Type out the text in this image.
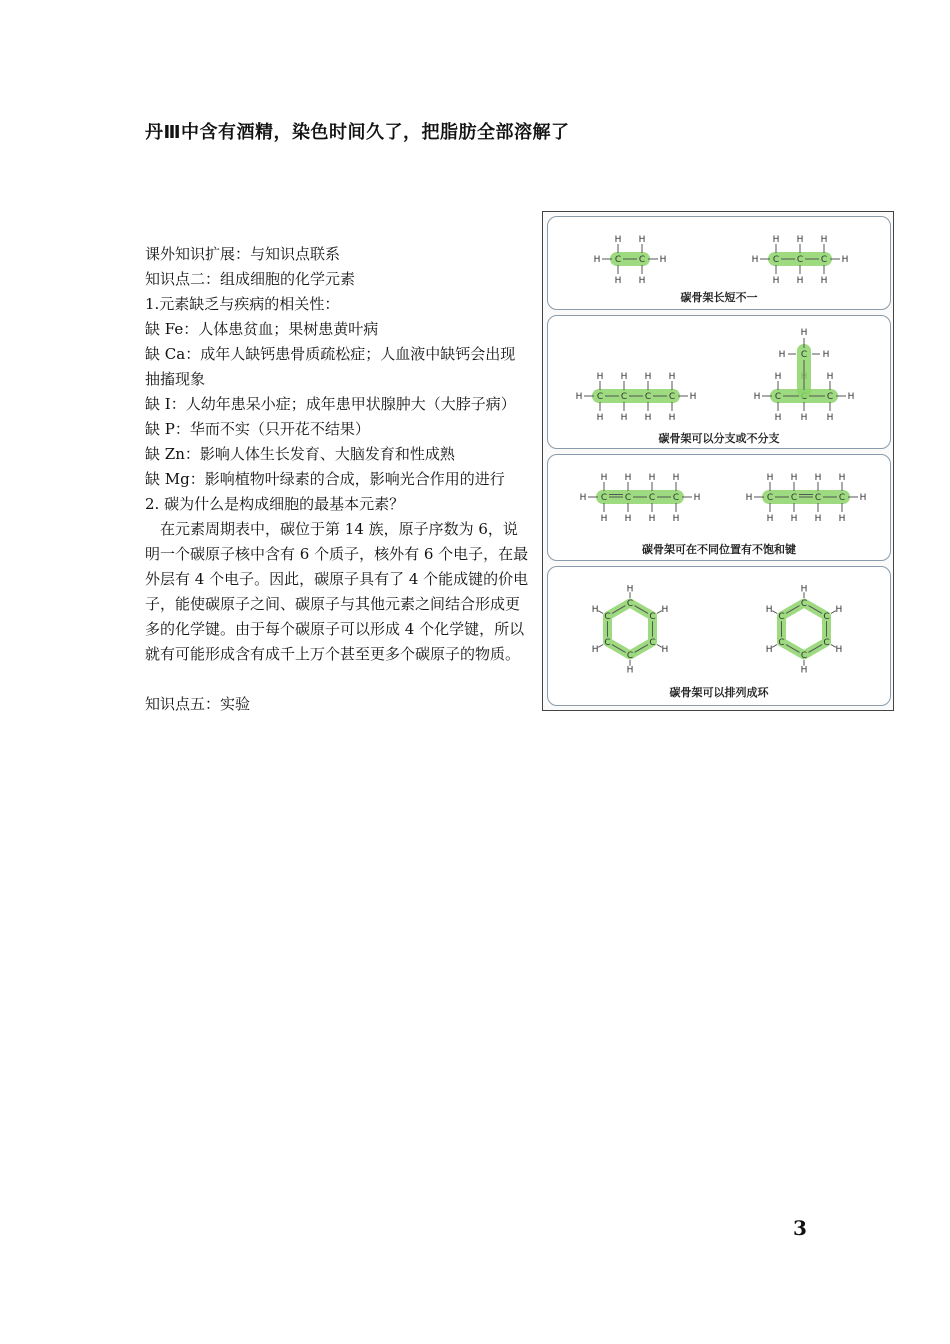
丹Ⅲ中含有酒精，染色时间久了，把脂肪全部溶解了

课外知识扩展：与知识点联系

知识点二：组成细胞的化学元素

1.元素缺乏与疾病的相关性：

缺 Fe：人体患贫血；果树患黄叶病

缺 Ca：成年人缺钙患骨质疏松症；人血液中缺钙会出现抽搐现象

缺 I：人幼年患呆小症；成年患甲状腺肿大（大脖子病）

缺 P：华而不实（只开花不结果）

缺 Zn：影响人体生长发育、大脑发育和性成熟

缺 Mg：影响植物叶绿素的合成，影响光合作用的进行

2. 碳为什么是构成细胞的最基本元素？

在元素周期表中，碳位于第 14 族，原子序数为 6，说明一个碳原子核中含有 6 个质子，核外有 6 个电子，在最外层有 4 个电子。因此，碳原子具有了 4 个能成键的价电子，能使碳原子之间、碳原子与其他元素之间结合形成更多的化学键。由于每个碳原子可以形成 4 个化学键，所以就有可能形成含有成千上万个甚至更多个碳原子的物质。

知识点五：实验

C
H
H
C
H
H
H	H	C
H
H
C
H
H
C
H
H
H	H
碳骨架长短不一
C
H
H
C
H
H
C
H
H
C
H
H
H	H	C
H
H H
C
H
H
H	H
C
H	H
H
碳骨架可以分支或不分支
C
H
H
C
H
H
C
H
H
C
H
H
H	H	C
H
H
C
H
H
C
H
H
C
H
H
H	H
碳骨架可在不同位置有不饱和键
C
H
C
H
C
H
C
H
C
H
C
H
C
H
C
H
C
H
C
H
C
H
C
H
碳骨架可以排列成环
3
